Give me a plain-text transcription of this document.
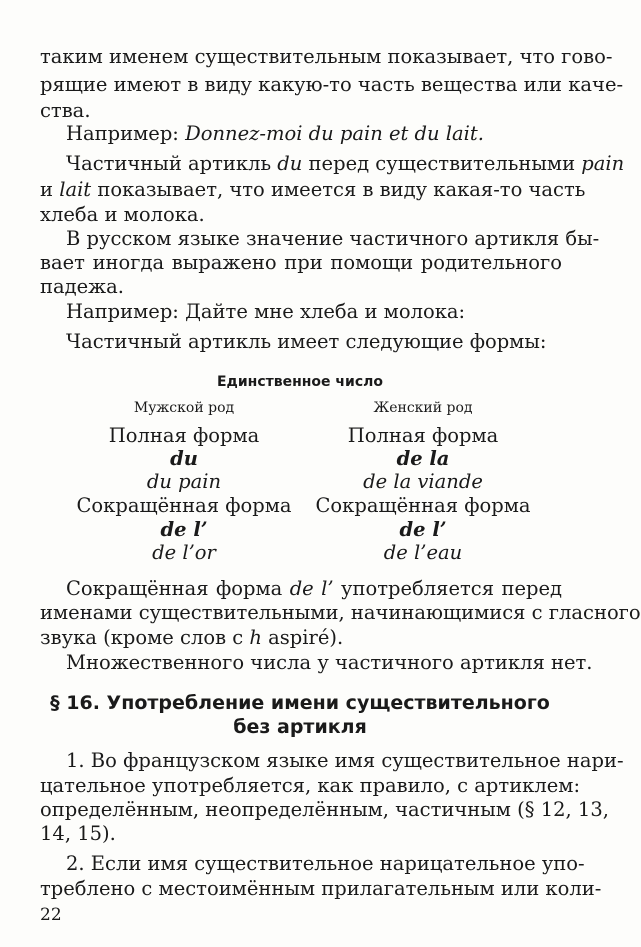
таким именем существительным показывает, что гово-
рящие имеют в виду какую-то часть вещества или каче-
ства.
Например: Donnez-moi du pain et du lait.
Частичный артикль du перед существительными pain
и lait показывает, что имеется в виду какая-то часть
хлеба и молока.
В русском языке значение частичного артикля бы-
вает иногда выражено при помощи родительного
падежа.
Например: Дайте мне хлеба и молока:
Частичный артикль имеет следующие формы:
Единственное число
Мужской род	Женский род
Полная форма	Полная форма
du	de la
du pain	de la viande
Сокращённая форма	Сокращённая форма
de l’	de l’
de l’or	de l’eau
Сокращённая форма de l’ употребляется перед
именами существительными, начинающимися с гласного
звука (кроме слов с h aspiré).
Множественного числа у частичного артикля нет.
§ 16. Употребление имени существительного
без артикля
1. Во французском языке имя существительное нари-
цательное употребляется, как правило, с артиклем:
определённым, неопределённым, частичным (§ 12, 13,
14, 15).
2. Если имя существительное нарицательное упо-
треблено с местоимённым прилагательным или коли-
22
